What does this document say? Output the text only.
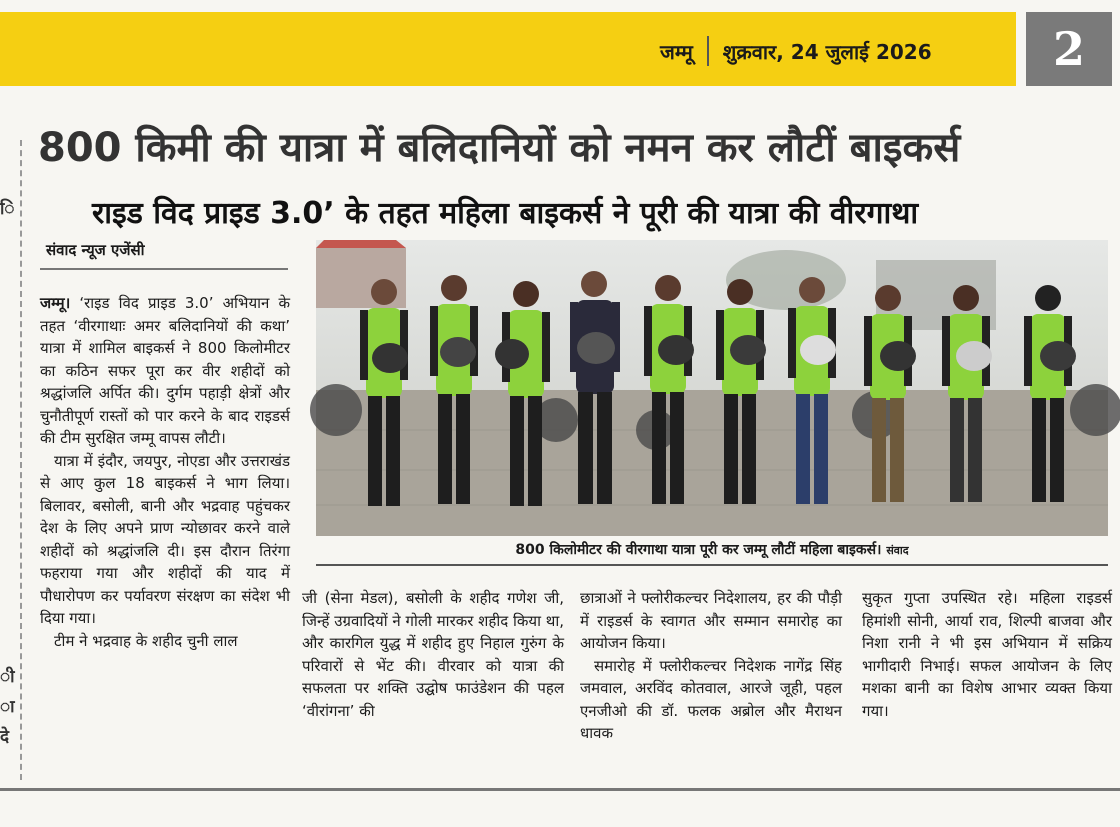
जम्मू शुक्रवार, 24 जुलाई 2026	2
ि
ी
ा
दे
800 किमी की यात्रा में बलिदानियों को नमन कर लौटीं बाइकर्स
राइड विद प्राइड 3.0’ के तहत महिला बाइकर्स ने पूरी की यात्रा की वीरगाथा
संवाद न्यूज एजेंसी

जम्मू। ‘राइड विद प्राइड 3.0’ अभियान के तहत ‘वीरगाथाः अमर बलिदानियों की कथा’ यात्रा में शामिल बाइकर्स ने 800 किलोमीटर का कठिन सफर पूरा कर वीर शहीदों को श्रद्धांजलि अर्पित की। दुर्गम पहाड़ी क्षेत्रों और चुनौतीपूर्ण रास्तों को पार करने के बाद राइडर्स की टीम सुरक्षित जम्मू वापस लौटी।

यात्रा में इंदौर, जयपुर, नोएडा और उत्तराखंड से आए कुल 18 बाइकर्स ने भाग लिया। बिलावर, बसोली, बानी और भद्रवाह पहुंचकर देश के लिए अपने प्राण न्योछावर करने वाले शहीदों को श्रद्धांजलि दी। इस दौरान तिरंगा फहराया गया और शहीदों की याद में पौधारोपण कर पर्यावरण संरक्षण का संदेश भी दिया गया।

टीम ने भद्रवाह के शहीद चुनी लाल

800 किलोमीटर की वीरगाथा यात्रा पूरी कर जम्मू लौटीं महिला बाइकर्स। संवाद

जी (सेना मेडल), बसोली के शहीद गणेश जी, जिन्हें उग्रवादियों ने गोली मारकर शहीद किया था, और कारगिल युद्ध में शहीद हुए निहाल गुरुंग के परिवारों से भेंट की। वीरवार को यात्रा की सफलता पर शक्ति उद्घोष फाउंडेशन की पहल ‘वीरांगना’ की

छात्राओं ने फ्लोरीकल्चर निदेशालय, हर की पौड़ी में राइडर्स के स्वागत और सम्मान समारोह का आयोजन किया।

समारोह में फ्लोरीकल्चर निदेशक नागेंद्र सिंह जमवाल, अरविंद कोतवाल, आरजे जूही, पहल एनजीओ की डॉ. फलक अब्रोल और मैराथन धावक

सुकृत गुप्ता उपस्थित रहे। महिला राइडर्स हिमांशी सोनी, आर्या राव, शिल्पी बाजवा और निशा रानी ने भी इस अभियान में सक्रिय भागीदारी निभाई। सफल आयोजन के लिए मशका बानी का विशेष आभार व्यक्त किया गया।
